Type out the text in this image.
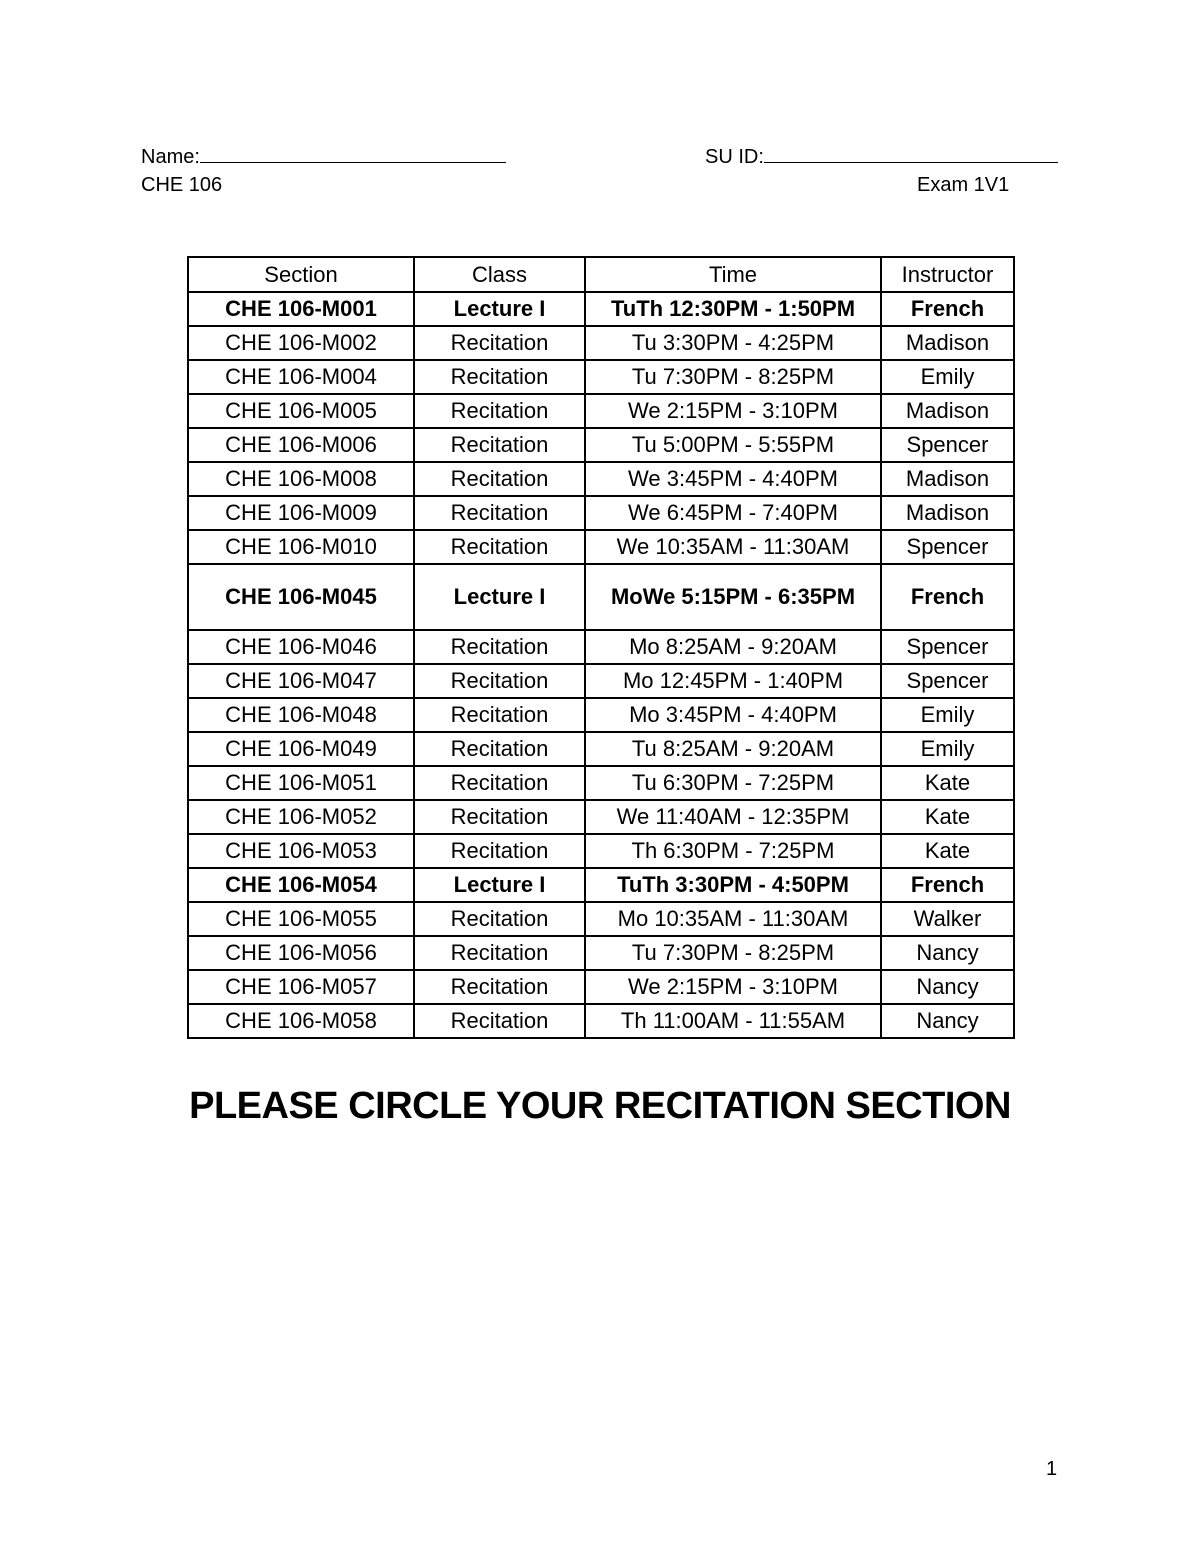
Name:	SU ID:
CHE 106	Exam 1V1
Section	Class	Time	Instructor
CHE 106-M001	Lecture I	TuTh 12:30PM - 1:50PM	French
CHE 106-M002	Recitation	Tu 3:30PM - 4:25PM	Madison
CHE 106-M004	Recitation	Tu 7:30PM - 8:25PM	Emily
CHE 106-M005	Recitation	We 2:15PM - 3:10PM	Madison
CHE 106-M006	Recitation	Tu 5:00PM - 5:55PM	Spencer
CHE 106-M008	Recitation	We 3:45PM - 4:40PM	Madison
CHE 106-M009	Recitation	We 6:45PM - 7:40PM	Madison
CHE 106-M010	Recitation	We 10:35AM - 11:30AM	Spencer
CHE 106-M045	Lecture I	MoWe 5:15PM - 6:35PM	French
CHE 106-M046	Recitation	Mo 8:25AM - 9:20AM	Spencer
CHE 106-M047	Recitation	Mo 12:45PM - 1:40PM	Spencer
CHE 106-M048	Recitation	Mo 3:45PM - 4:40PM	Emily
CHE 106-M049	Recitation	Tu 8:25AM - 9:20AM	Emily
CHE 106-M051	Recitation	Tu 6:30PM - 7:25PM	Kate
CHE 106-M052	Recitation	We 11:40AM - 12:35PM	Kate
CHE 106-M053	Recitation	Th 6:30PM - 7:25PM	Kate
CHE 106-M054	Lecture I	TuTh 3:30PM - 4:50PM	French
CHE 106-M055	Recitation	Mo 10:35AM - 11:30AM	Walker
CHE 106-M056	Recitation	Tu 7:30PM - 8:25PM	Nancy
CHE 106-M057	Recitation	We 2:15PM - 3:10PM	Nancy
CHE 106-M058	Recitation	Th 11:00AM - 11:55AM	Nancy
PLEASE CIRCLE YOUR RECITATION SECTION
1
